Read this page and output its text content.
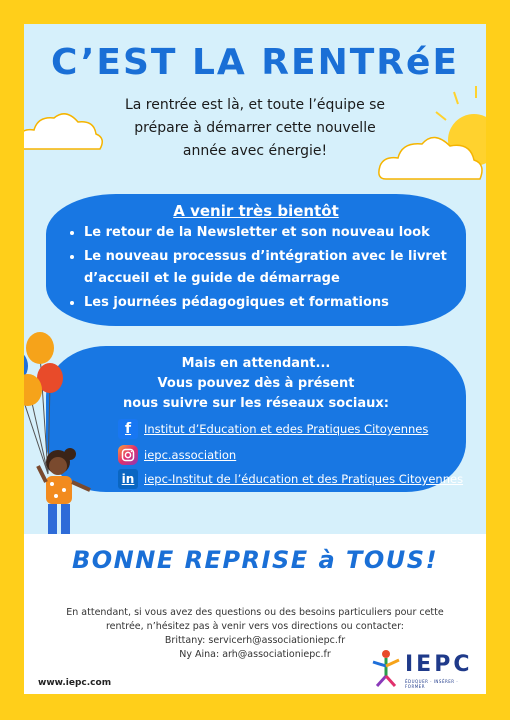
C’EST LA RENTRéE
La rentrée est là, et toute l’équipe se
prépare à démarrer cette nouvelle
année avec énergie!
A venir très bientôt
• Le retour de la Newsletter et son nouveau look
• Le nouveau processus d’intégration avec le livret d’accueil et le guide de démarrage
• Les journées pédagogiques et formations
Mais en attendant...
Vous pouvez dès à présent
nous suivre sur les réseaux sociaux:
f	Institut d’Education et edes Pratiques Citoyennes
iepc.association
in iepc-Institut de l’éducation et des Pratiques Citoyennes
BONNE REPRISE à TOUS!
En attendant, si vous avez des questions ou des besoins particuliers pour cette
rentrée, n’hésitez pas à venir vers vos directions ou contacter:
Brittany: servicerh@associationiepc.fr
Ny Aina: arh@associationiepc.fr
www.iepc.com
IEPC
ÉDUQUER · INSÉRER · FORMER
